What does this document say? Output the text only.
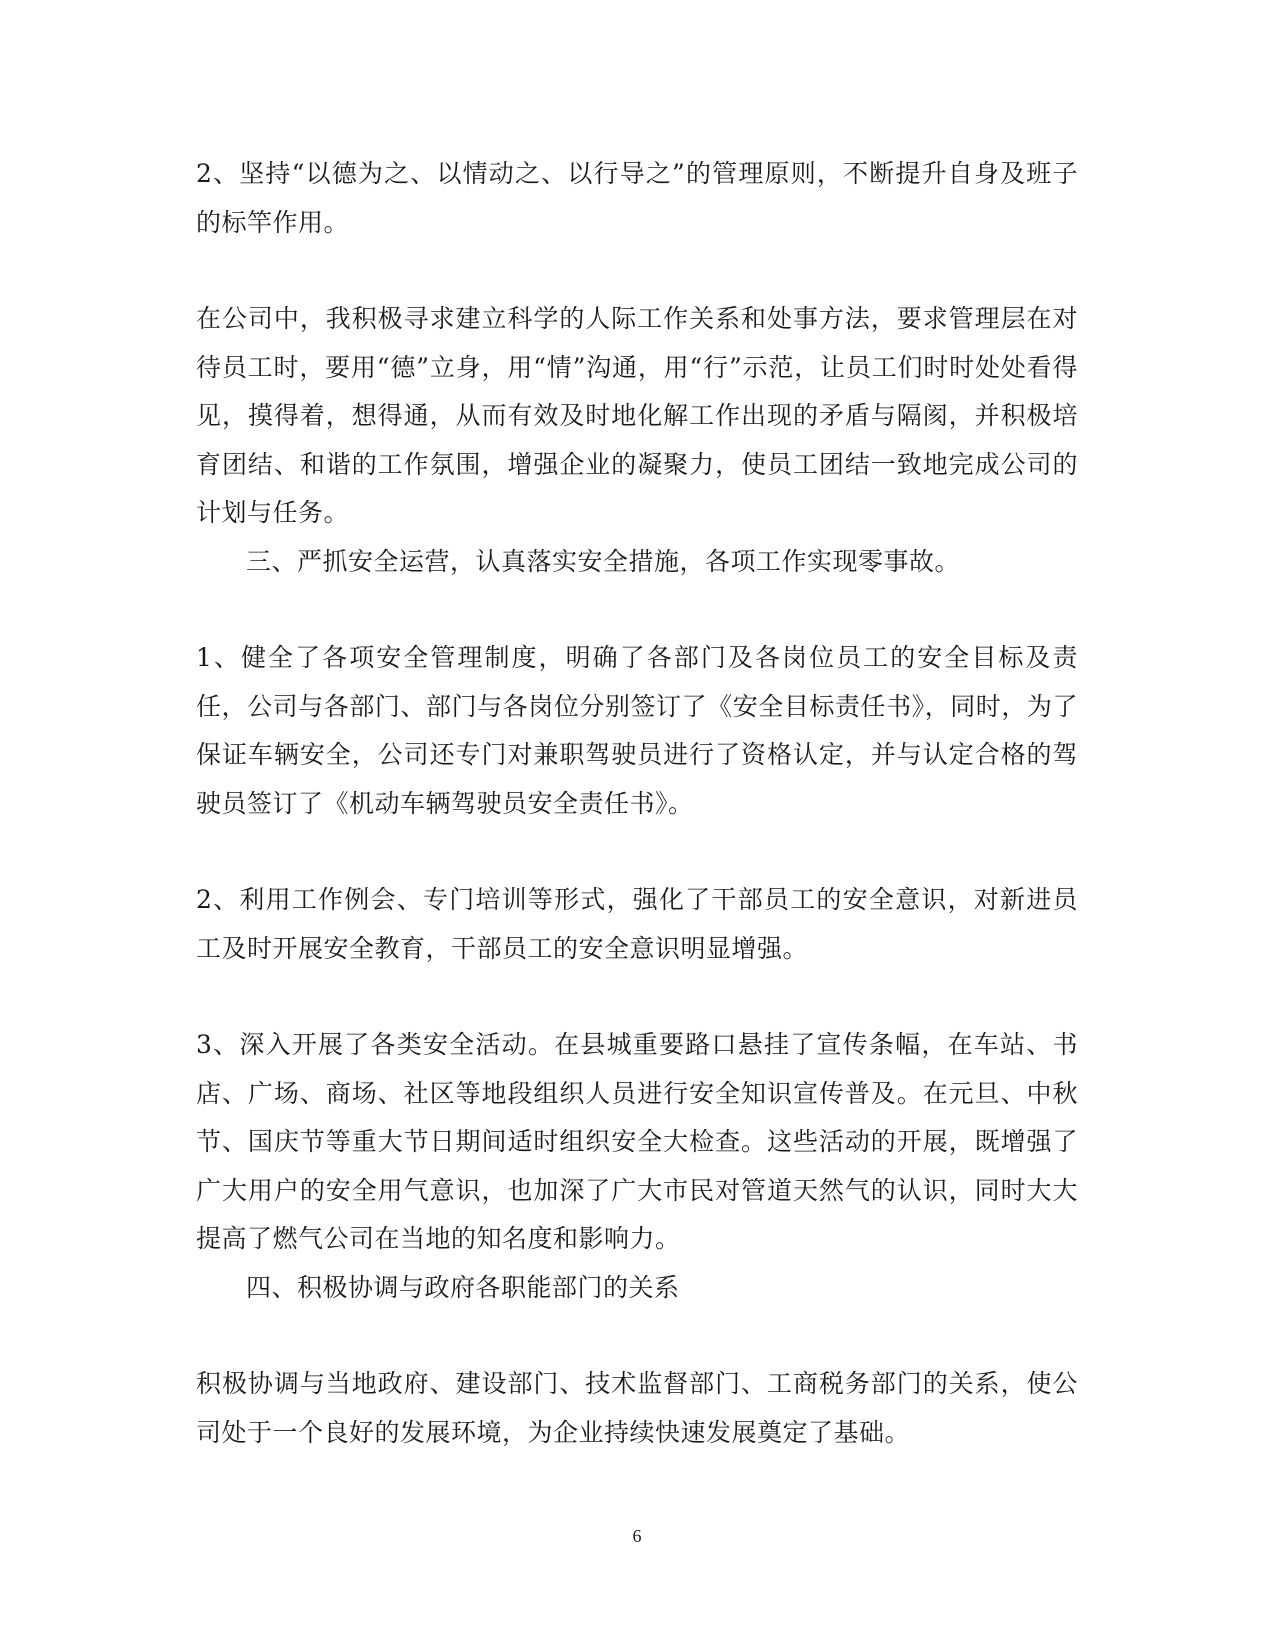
2、坚持“以德为之、以情动之、以行导之”的管理原则，不断提升自身及班子的标竿作用。

在公司中，我积极寻求建立科学的人际工作关系和处事方法，要求管理层在对待员工时，要用“德”立身，用“情”沟通，用“行”示范，让员工们时时处处看得见，摸得着，想得通，从而有效及时地化解工作出现的矛盾与隔阂，并积极培育团结、和谐的工作氛围，增强企业的凝聚力，使员工团结一致地完成公司的计划与任务。

三、严抓安全运营，认真落实安全措施，各项工作实现零事故。

1、健全了各项安全管理制度，明确了各部门及各岗位员工的安全目标及责任，公司与各部门、部门与各岗位分别签订了《安全目标责任书》，同时，为了保证车辆安全，公司还专门对兼职驾驶员进行了资格认定，并与认定合格的驾驶员签订了《机动车辆驾驶员安全责任书》。

2、利用工作例会、专门培训等形式，强化了干部员工的安全意识，对新进员工及时开展安全教育，干部员工的安全意识明显增强。

3、深入开展了各类安全活动。在县城重要路口悬挂了宣传条幅，在车站、书店、广场、商场、社区等地段组织人员进行安全知识宣传普及。在元旦、中秋节、国庆节等重大节日期间适时组织安全大检查。这些活动的开展，既增强了广大用户的安全用气意识，也加深了广大市民对管道天然气的认识，同时大大提高了燃气公司在当地的知名度和影响力。

四、积极协调与政府各职能部门的关系

积极协调与当地政府、建设部门、技术监督部门、工商税务部门的关系，使公司处于一个良好的发展环境，为企业持续快速发展奠定了基础。

6
